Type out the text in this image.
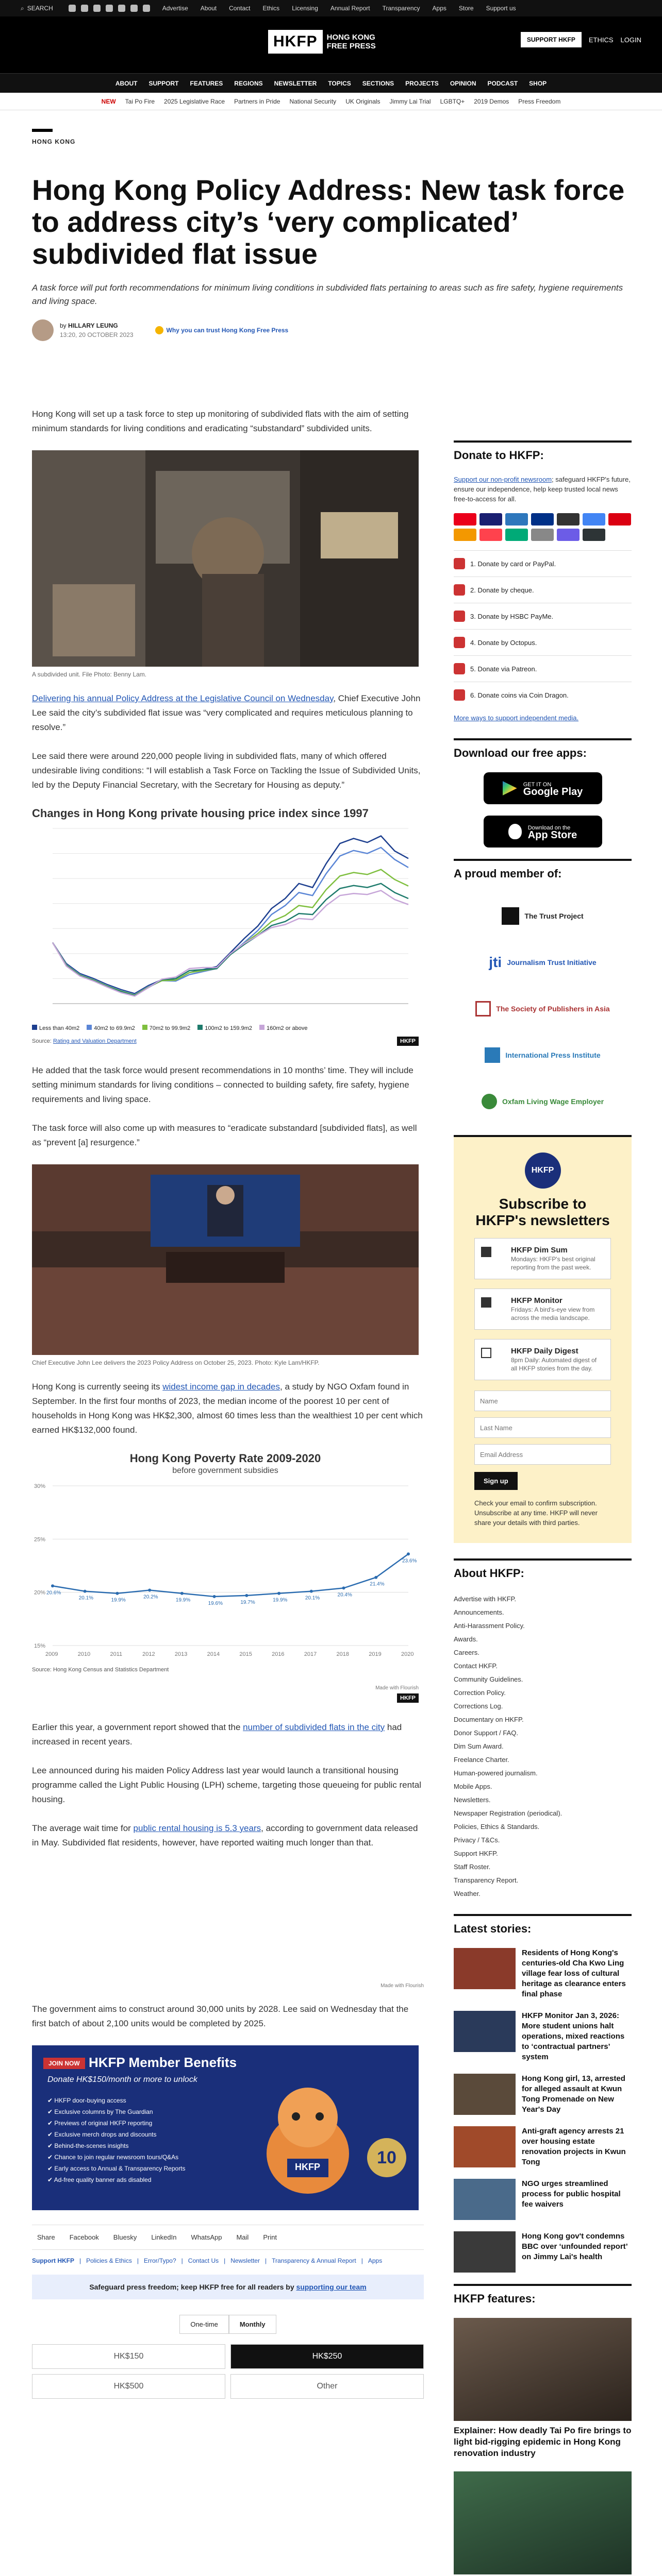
⌕ SEARCH	Advertise About Contact Ethics Licensing Annual Report Transparency Apps Store Support us
HKFP	HONG KONG
FREE PRESS
SUPPORT HKFP	ETHICS LOGIN
ABOUT SUPPORT FEATURES REGIONS NEWSLETTER TOPICS SECTIONS PROJECTS OPINION PODCAST SHOP
NEW Tai Po Fire 2025 Legislative Race Partners in Pride National Security UK Originals Jimmy Lai Trial LGBTQ+ 2019 Demos Press Freedom
HONG KONG
Hong Kong Policy Address: New task force to address city’s ‘very complicated’ subdivided flat issue
A task force will put forth recommendations for minimum living conditions in subdivided flats pertaining to areas such as fire safety, hygiene requirements and living space.
by HILLARY LEUNG
13:20, 20 OCTOBER 2023
Why you can trust Hong Kong Free Press

Hong Kong will set up a task force to step up monitoring of subdivided flats with the aim of setting minimum standards for living conditions and eradicating “substandard” subdivided units.

A subdivided unit. File Photo: Benny Lam.

Delivering his annual Policy Address at the Legislative Council on Wednesday, Chief Executive John Lee said the city’s subdivided flat issue was “very complicated and requires meticulous planning to resolve.”

Lee said there were around 220,000 people living in subdivided flats, many of which offered undesirable living conditions: “I will establish a Task Force on Tackling the Issue of Subdivided Units, led by the Deputy Financial Secretary, with the Secretary for Housing as deputy.”

Changes in Hong Kong private housing price index since 1997
Less than 40m2	40m2 to 69.9m2	70m2 to 99.9m2	100m2 to 159.9m2	160m2 or above
Source: Rating and Valuation Department	HKFP

He added that the task force would present recommendations in 10 months’ time. They will include setting minimum standards for living conditions – connected to building safety, fire safety, hygiene requirements and living space.

The task force will also come up with measures to “eradicate substandard [subdivided flats], as well as “prevent [a] resurgence.”

Chief Executive John Lee delivers the 2023 Policy Address on October 25, 2023. Photo: Kyle Lam/HKFP.

Hong Kong is currently seeing its widest income gap in decades, a study by NGO Oxfam found in September. In the first four months of 2023, the median income of the poorest 10 per cent of households in Hong Kong was HK$2,300, almost 60 times less than the wealthiest 10 per cent which earned HK$132,000 found.

Hong Kong Poverty Rate 2009-2020
before government subsidies
30%
25%
20%
15%
2009	2010	2011	2012	2013	2014	2015	2016	2017	2018	2019	2020
20.6%
20.1%	19.9%
20.2%
19.9%
19.6%	19.7%	19.9%	20.1%
20.4%
21.4%
23.6%
Source: Hong Kong Census and Statistics Department
Made with Flourish
HKFP

Earlier this year, a government report showed that the number of subdivided flats in the city had increased in recent years.

Lee announced during his maiden Policy Address last year would launch a transitional housing programme called the Light Public Housing (LPH) scheme, targeting those queueing for public rental housing.

The average wait time for public rental housing is 5.3 years, according to government data released in May. Subdivided flat residents, however, have reported waiting much longer than that.

Made with Flourish

The government aims to construct around 30,000 units by 2028. Lee said on Wednesday that the first batch of about 2,100 units would be completed by 2025.

JOIN NOW HKFP Member Benefits
Donate HK$150/month or more to unlock
✔ HKFP door-buying access
✔ Exclusive columns by The Guardian
✔ Previews of original HKFP reporting
✔ Exclusive merch drops and discounts
✔ Behind-the-scenes insights
✔ Chance to join regular newsroom tours/Q&As
✔ Early access to Annual & Transparency Reports
✔ Ad-free quality banner ads disabled
HKFP	10
Share Facebook Bluesky LinkedIn WhatsApp Mail Print
Support HKFP | Policies & Ethics | Error/Typo? | Contact Us | Newsletter | Transparency & Annual Report | Apps
Safeguard press freedom; keep HKFP free for all readers by supporting our team
One-time	Monthly
HK$150	HK$250
HK$500	Other
Donate to HKFP:
Support our non-profit newsroom; safeguard HKFP's future, ensure our independence, help keep trusted local news free-to-access for all.
1. Donate by card or PayPal.
2. Donate by cheque.
3. Donate by HSBC PayMe.
4. Donate by Octopus.
5. Donate via Patreon.
6. Donate coins via Coin Dragon.
More ways to support independent media.
Download our free apps:
GET IT ON
Google Play
Download on the
App Store
A proud member of:
The Trust Project
jti Journalism Trust Initiative
The Society of Publishers in Asia
International Press Institute
Oxfam Living Wage Employer
HKFP
Subscribe to HKFP's newsletters
HKFP Dim Sum
Mondays: HKFP's best original reporting from the past week.
HKFP Monitor
Fridays: A bird's-eye view from across the media landscape.
HKFP Daily Digest
8pm Daily: Automated digest of all HKFP stories from the day.
Name Last Name Email Address
Sign up
Check your email to confirm subscription. Unsubscribe at any time. HKFP will never share your details with third parties.
About HKFP:
Advertise with HKFP.
Announcements.
Anti-Harassment Policy.
Awards.
Careers.
Contact HKFP.
Community Guidelines.
Correction Policy.
Corrections Log.
Documentary on HKFP.
Donor Support / FAQ.
Dim Sum Award.
Freelance Charter.
Human-powered journalism.
Mobile Apps.
Newsletters.
Newspaper Registration (periodical).
Policies, Ethics & Standards.
Privacy / T&Cs.
Support HKFP.
Staff Roster.
Transparency Report.
Weather.
Latest stories:
Residents of Hong Kong's centuries-old Cha Kwo Ling village fear loss of cultural heritage as clearance enters final phase
HKFP Monitor Jan 3, 2026: More student unions halt operations, mixed reactions to ‘contractual partners’ system
Hong Kong girl, 13, arrested for alleged assault at Kwun Tong Promenade on New Year's Day
Anti-graft agency arrests 21 over housing estate renovation projects in Kwun Tong
NGO urges streamlined process for public hospital fee waivers
Hong Kong gov't condemns BBC over ‘unfounded report’ on Jimmy Lai's health
HKFP features:
Explainer: How deadly Tai Po fire brings to light bid-rigging epidemic in Hong Kong renovation industry
